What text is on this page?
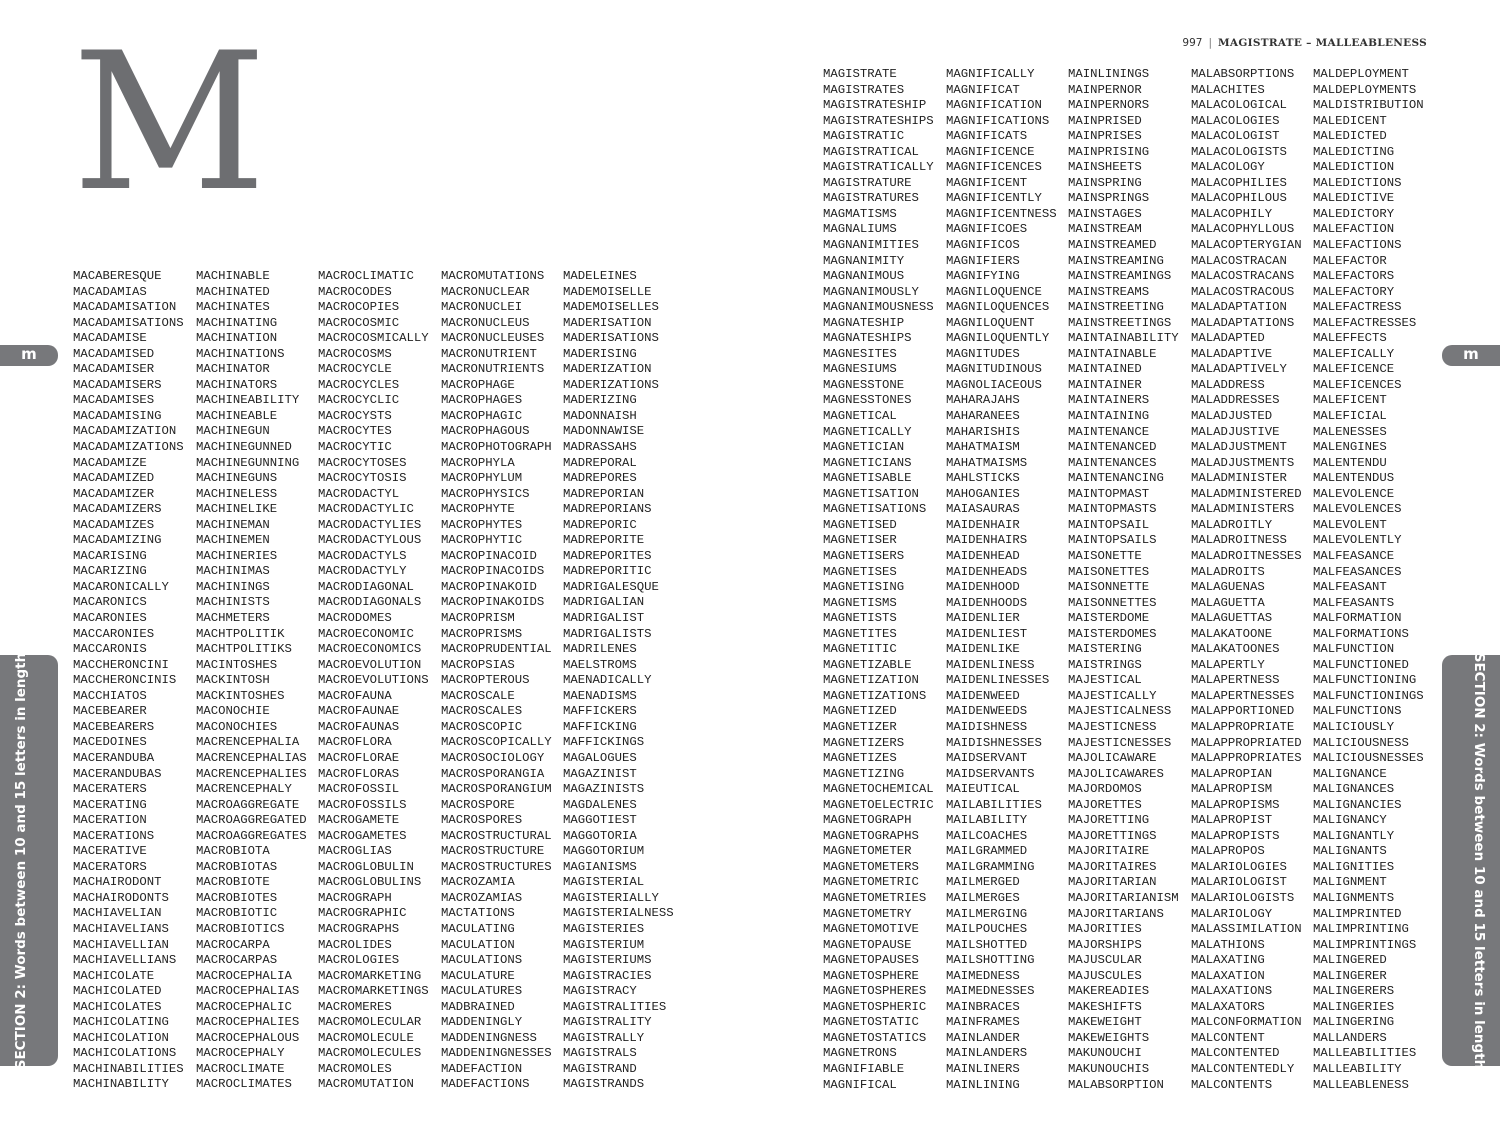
997 | MAGISTRATE – MALLEABLENESS
M
m	m
SECTION 2: Words between 10 and 15 letters in length	SECTION 2: Words between 10 and 15 letters in length
MACABERESQUE
MACADAMIAS
MACADAMISATION
MACADAMISATIONS
MACADAMISE
MACADAMISED
MACADAMISER
MACADAMISERS
MACADAMISES
MACADAMISING
MACADAMIZATION
MACADAMIZATIONS
MACADAMIZE
MACADAMIZED
MACADAMIZER
MACADAMIZERS
MACADAMIZES
MACADAMIZING
MACARISING
MACARIZING
MACARONICALLY
MACARONICS
MACARONIES
MACCARONIES
MACCARONIS
MACCHERONCINI
MACCHERONCINIS
MACCHIATOS
MACEBEARER
MACEBEARERS
MACEDOINES
MACERANDUBA
MACERANDUBAS
MACERATERS
MACERATING
MACERATION
MACERATIONS
MACERATIVE
MACERATORS
MACHAIRODONT
MACHAIRODONTS
MACHIAVELIAN
MACHIAVELIANS
MACHIAVELLIAN
MACHIAVELLIANS
MACHICOLATE
MACHICOLATED
MACHICOLATES
MACHICOLATING
MACHICOLATION
MACHICOLATIONS
MACHINABILITIES
MACHINABILITY
MACHINABLE
MACHINATED
MACHINATES
MACHINATING
MACHINATION
MACHINATIONS
MACHINATOR
MACHINATORS
MACHINEABILITY
MACHINEABLE
MACHINEGUN
MACHINEGUNNED
MACHINEGUNNING
MACHINEGUNS
MACHINELESS
MACHINELIKE
MACHINEMAN
MACHINEMEN
MACHINERIES
MACHINIMAS
MACHININGS
MACHINISTS
MACHMETERS
MACHTPOLITIK
MACHTPOLITIKS
MACINTOSHES
MACKINTOSH
MACKINTOSHES
MACONOCHIE
MACONOCHIES
MACRENCEPHALIA
MACRENCEPHALIAS
MACRENCEPHALIES
MACRENCEPHALY
MACROAGGREGATE
MACROAGGREGATED
MACROAGGREGATES
MACROBIOTA
MACROBIOTAS
MACROBIOTE
MACROBIOTES
MACROBIOTIC
MACROBIOTICS
MACROCARPA
MACROCARPAS
MACROCEPHALIA
MACROCEPHALIAS
MACROCEPHALIC
MACROCEPHALIES
MACROCEPHALOUS
MACROCEPHALY
MACROCLIMATE
MACROCLIMATES
MACROCLIMATIC
MACROCODES
MACROCOPIES
MACROCOSMIC
MACROCOSMICALLY
MACROCOSMS
MACROCYCLE
MACROCYCLES
MACROCYCLIC
MACROCYSTS
MACROCYTES
MACROCYTIC
MACROCYTOSES
MACROCYTOSIS
MACRODACTYL
MACRODACTYLIC
MACRODACTYLIES
MACRODACTYLOUS
MACRODACTYLS
MACRODACTYLY
MACRODIAGONAL
MACRODIAGONALS
MACRODOMES
MACROECONOMIC
MACROECONOMICS
MACROEVOLUTION
MACROEVOLUTIONS
MACROFAUNA
MACROFAUNAE
MACROFAUNAS
MACROFLORA
MACROFLORAE
MACROFLORAS
MACROFOSSIL
MACROFOSSILS
MACROGAMETE
MACROGAMETES
MACROGLIAS
MACROGLOBULIN
MACROGLOBULINS
MACROGRAPH
MACROGRAPHIC
MACROGRAPHS
MACROLIDES
MACROLOGIES
MACROMARKETING
MACROMARKETINGS
MACROMERES
MACROMOLECULAR
MACROMOLECULE
MACROMOLECULES
MACROMOLES
MACROMUTATION
MACROMUTATIONS
MACRONUCLEAR
MACRONUCLEI
MACRONUCLEUS
MACRONUCLEUSES
MACRONUTRIENT
MACRONUTRIENTS
MACROPHAGE
MACROPHAGES
MACROPHAGIC
MACROPHAGOUS
MACROPHOTOGRAPH
MACROPHYLA
MACROPHYLUM
MACROPHYSICS
MACROPHYTE
MACROPHYTES
MACROPHYTIC
MACROPINACOID
MACROPINACOIDS
MACROPINAKOID
MACROPINAKOIDS
MACROPRISM
MACROPRISMS
MACROPRUDENTIAL
MACROPSIAS
MACROPTEROUS
MACROSCALE
MACROSCALES
MACROSCOPIC
MACROSCOPICALLY
MACROSOCIOLOGY
MACROSPORANGIA
MACROSPORANGIUM
MACROSPORE
MACROSPORES
MACROSTRUCTURAL
MACROSTRUCTURE
MACROSTRUCTURES
MACROZAMIA
MACROZAMIAS
MACTATIONS
MACULATING
MACULATION
MACULATIONS
MACULATURE
MACULATURES
MADBRAINED
MADDENINGLY
MADDENINGNESS
MADDENINGNESSES
MADEFACTION
MADEFACTIONS
MADELEINES
MADEMOISELLE
MADEMOISELLES
MADERISATION
MADERISATIONS
MADERISING
MADERIZATION
MADERIZATIONS
MADERIZING
MADONNAISH
MADONNAWISE
MADRASSAHS
MADREPORAL
MADREPORES
MADREPORIAN
MADREPORIANS
MADREPORIC
MADREPORITE
MADREPORITES
MADREPORITIC
MADRIGALESQUE
MADRIGALIAN
MADRIGALIST
MADRIGALISTS
MADRILENES
MAELSTROMS
MAENADICALLY
MAENADISMS
MAFFICKERS
MAFFICKING
MAFFICKINGS
MAGALOGUES
MAGAZINIST
MAGAZINISTS
MAGDALENES
MAGGOTIEST
MAGGOTORIA
MAGGOTORIUM
MAGIANISMS
MAGISTERIAL
MAGISTERIALLY
MAGISTERIALNESS
MAGISTERIES
MAGISTERIUM
MAGISTERIUMS
MAGISTRACIES
MAGISTRACY
MAGISTRALITIES
MAGISTRALITY
MAGISTRALLY
MAGISTRALS
MAGISTRAND
MAGISTRANDS
MAGISTRATE
MAGISTRATES
MAGISTRATESHIP
MAGISTRATESHIPS
MAGISTRATIC
MAGISTRATICAL
MAGISTRATICALLY
MAGISTRATURE
MAGISTRATURES
MAGMATISMS
MAGNALIUMS
MAGNANIMITIES
MAGNANIMITY
MAGNANIMOUS
MAGNANIMOUSLY
MAGNANIMOUSNESS
MAGNATESHIP
MAGNATESHIPS
MAGNESITES
MAGNESIUMS
MAGNESSTONE
MAGNESSTONES
MAGNETICAL
MAGNETICALLY
MAGNETICIAN
MAGNETICIANS
MAGNETISABLE
MAGNETISATION
MAGNETISATIONS
MAGNETISED
MAGNETISER
MAGNETISERS
MAGNETISES
MAGNETISING
MAGNETISMS
MAGNETISTS
MAGNETITES
MAGNETITIC
MAGNETIZABLE
MAGNETIZATION
MAGNETIZATIONS
MAGNETIZED
MAGNETIZER
MAGNETIZERS
MAGNETIZES
MAGNETIZING
MAGNETOCHEMICAL
MAGNETOELECTRIC
MAGNETOGRAPH
MAGNETOGRAPHS
MAGNETOMETER
MAGNETOMETERS
MAGNETOMETRIC
MAGNETOMETRIES
MAGNETOMETRY
MAGNETOMOTIVE
MAGNETOPAUSE
MAGNETOPAUSES
MAGNETOSPHERE
MAGNETOSPHERES
MAGNETOSPHERIC
MAGNETOSTATIC
MAGNETOSTATICS
MAGNETRONS
MAGNIFIABLE
MAGNIFICAL
MAGNIFICALLY
MAGNIFICAT
MAGNIFICATION
MAGNIFICATIONS
MAGNIFICATS
MAGNIFICENCE
MAGNIFICENCES
MAGNIFICENT
MAGNIFICENTLY
MAGNIFICENTNESS
MAGNIFICOES
MAGNIFICOS
MAGNIFIERS
MAGNIFYING
MAGNILOQUENCE
MAGNILOQUENCES
MAGNILOQUENT
MAGNILOQUENTLY
MAGNITUDES
MAGNITUDINOUS
MAGNOLIACEOUS
MAHARAJAHS
MAHARANEES
MAHARISHIS
MAHATMAISM
MAHATMAISMS
MAHLSTICKS
MAHOGANIES
MAIASAURAS
MAIDENHAIR
MAIDENHAIRS
MAIDENHEAD
MAIDENHEADS
MAIDENHOOD
MAIDENHOODS
MAIDENLIER
MAIDENLIEST
MAIDENLIKE
MAIDENLINESS
MAIDENLINESSES
MAIDENWEED
MAIDENWEEDS
MAIDISHNESS
MAIDISHNESSES
MAIDSERVANT
MAIDSERVANTS
MAIEUTICAL
MAILABILITIES
MAILABILITY
MAILCOACHES
MAILGRAMMED
MAILGRAMMING
MAILMERGED
MAILMERGES
MAILMERGING
MAILPOUCHES
MAILSHOTTED
MAILSHOTTING
MAIMEDNESS
MAIMEDNESSES
MAINBRACES
MAINFRAMES
MAINLANDER
MAINLANDERS
MAINLINERS
MAINLINING
MAINLININGS
MAINPERNOR
MAINPERNORS
MAINPRISED
MAINPRISES
MAINPRISING
MAINSHEETS
MAINSPRING
MAINSPRINGS
MAINSTAGES
MAINSTREAM
MAINSTREAMED
MAINSTREAMING
MAINSTREAMINGS
MAINSTREAMS
MAINSTREETING
MAINSTREETINGS
MAINTAINABILITY
MAINTAINABLE
MAINTAINED
MAINTAINER
MAINTAINERS
MAINTAINING
MAINTENANCE
MAINTENANCED
MAINTENANCES
MAINTENANCING
MAINTOPMAST
MAINTOPMASTS
MAINTOPSAIL
MAINTOPSAILS
MAISONETTE
MAISONETTES
MAISONNETTE
MAISONNETTES
MAISTERDOME
MAISTERDOMES
MAISTERING
MAISTRINGS
MAJESTICAL
MAJESTICALLY
MAJESTICALNESS
MAJESTICNESS
MAJESTICNESSES
MAJOLICAWARE
MAJOLICAWARES
MAJORDOMOS
MAJORETTES
MAJORETTING
MAJORETTINGS
MAJORITAIRE
MAJORITAIRES
MAJORITARIAN
MAJORITARIANISM
MAJORITARIANS
MAJORITIES
MAJORSHIPS
MAJUSCULAR
MAJUSCULES
MAKEREADIES
MAKESHIFTS
MAKEWEIGHT
MAKEWEIGHTS
MAKUNOUCHI
MAKUNOUCHIS
MALABSORPTION
MALABSORPTIONS
MALACHITES
MALACOLOGICAL
MALACOLOGIES
MALACOLOGIST
MALACOLOGISTS
MALACOLOGY
MALACOPHILIES
MALACOPHILOUS
MALACOPHILY
MALACOPHYLLOUS
MALACOPTERYGIAN
MALACOSTRACAN
MALACOSTRACANS
MALACOSTRACOUS
MALADAPTATION
MALADAPTATIONS
MALADAPTED
MALADAPTIVE
MALADAPTIVELY
MALADDRESS
MALADDRESSES
MALADJUSTED
MALADJUSTIVE
MALADJUSTMENT
MALADJUSTMENTS
MALADMINISTER
MALADMINISTERED
MALADMINISTERS
MALADROITLY
MALADROITNESS
MALADROITNESSES
MALADROITS
MALAGUENAS
MALAGUETTA
MALAGUETTAS
MALAKATOONE
MALAKATOONES
MALAPERTLY
MALAPERTNESS
MALAPERTNESSES
MALAPPORTIONED
MALAPPROPRIATE
MALAPPROPRIATED
MALAPPROPRIATES
MALAPROPIAN
MALAPROPISM
MALAPROPISMS
MALAPROPIST
MALAPROPISTS
MALAPROPOS
MALARIOLOGIES
MALARIOLOGIST
MALARIOLOGISTS
MALARIOLOGY
MALASSIMILATION
MALATHIONS
MALAXATING
MALAXATION
MALAXATIONS
MALAXATORS
MALCONFORMATION
MALCONTENT
MALCONTENTED
MALCONTENTEDLY
MALCONTENTS
MALDEPLOYMENT
MALDEPLOYMENTS
MALDISTRIBUTION
MALEDICENT
MALEDICTED
MALEDICTING
MALEDICTION
MALEDICTIONS
MALEDICTIVE
MALEDICTORY
MALEFACTION
MALEFACTIONS
MALEFACTOR
MALEFACTORS
MALEFACTORY
MALEFACTRESS
MALEFACTRESSES
MALEFFECTS
MALEFICALLY
MALEFICENCE
MALEFICENCES
MALEFICENT
MALEFICIAL
MALENESSES
MALENGINES
MALENTENDU
MALENTENDUS
MALEVOLENCE
MALEVOLENCES
MALEVOLENT
MALEVOLENTLY
MALFEASANCE
MALFEASANCES
MALFEASANT
MALFEASANTS
MALFORMATION
MALFORMATIONS
MALFUNCTION
MALFUNCTIONED
MALFUNCTIONING
MALFUNCTIONINGS
MALFUNCTIONS
MALICIOUSLY
MALICIOUSNESS
MALICIOUSNESSES
MALIGNANCE
MALIGNANCES
MALIGNANCIES
MALIGNANCY
MALIGNANTLY
MALIGNANTS
MALIGNITIES
MALIGNMENT
MALIGNMENTS
MALIMPRINTED
MALIMPRINTING
MALIMPRINTINGS
MALINGERED
MALINGERER
MALINGERERS
MALINGERIES
MALINGERING
MALLANDERS
MALLEABILITIES
MALLEABILITY
MALLEABLENESS
